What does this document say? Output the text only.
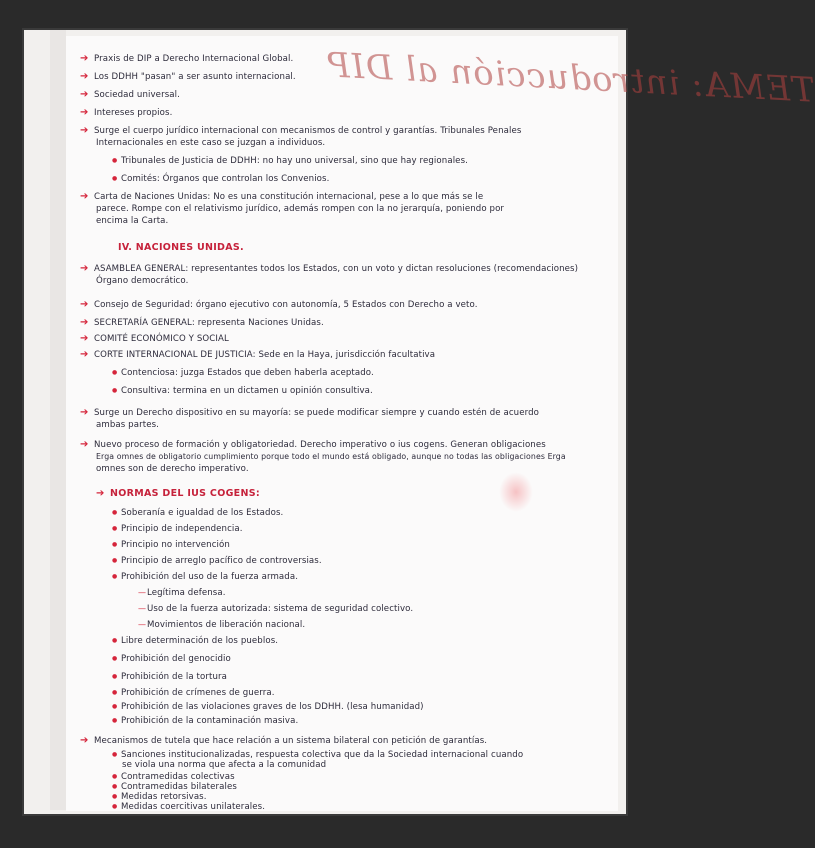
TEMA: introducción al DIP
➔ Praxis de DIP a Derecho Internacional Global.
➔ Los DDHH "pasan" a ser asunto internacional.
➔ Sociedad universal.
➔ Intereses propios.
➔ Surge el cuerpo jurídico internacional con mecanismos de control y garantías. Tribunales Penales
Internacionales en este caso se juzgan a individuos.
● Tribunales de Justicia de DDHH: no hay uno universal, sino que hay regionales.
● Comités: Órganos que controlan los Convenios.
➔ Carta de Naciones Unidas: No es una constitución internacional, pese a lo que más se le
parece. Rompe con el relativismo jurídico, además rompen con la no jerarquía, poniendo por
encima la Carta.
IV. NACIONES UNIDAS.
➔ ASAMBLEA GENERAL: representantes todos los Estados, con un voto y dictan resoluciones (recomendaciones)
Órgano democrático.
➔ Consejo de Seguridad: órgano ejecutivo con autonomía, 5 Estados con Derecho a veto.
➔ SECRETARÍA GENERAL: representa Naciones Unidas.
➔ COMITÉ ECONÓMICO Y SOCIAL
➔ CORTE INTERNACIONAL DE JUSTICIA: Sede en la Haya, jurisdicción facultativa
● Contenciosa: juzga Estados que deben haberla aceptado.
● Consultiva: termina en un dictamen u opinión consultiva.
➔ Surge un Derecho dispositivo en su mayoría: se puede modificar siempre y cuando estén de acuerdo
ambas partes.
➔ Nuevo proceso de formación y obligatoriedad. Derecho imperativo o ius cogens. Generan obligaciones
Erga omnes de obligatorio cumplimiento porque todo el mundo está obligado, aunque no todas las obligaciones Erga
omnes son de derecho imperativo.
➔ NORMAS DEL IUS COGENS:
● Soberanía e igualdad de los Estados.
● Principio de independencia.
● Principio no intervención
● Principio de arreglo pacífico de controversias.
● Prohibición del uso de la fuerza armada.
— Legítima defensa.
— Uso de la fuerza autorizada: sistema de seguridad colectivo.
— Movimientos de liberación nacional.
● Libre determinación de los pueblos.
● Prohibición del genocidio
● Prohibición de la tortura
● Prohibición de crímenes de guerra.
● Prohibición de las violaciones graves de los DDHH. (lesa humanidad)
● Prohibición de la contaminación masiva.
➔ Mecanismos de tutela que hace relación a un sistema bilateral con petición de garantías.
● Sanciones institucionalizadas, respuesta colectiva que da la Sociedad internacional cuando
se viola una norma que afecta a la comunidad
● Contramedidas colectivas
● Contramedidas bilaterales
● Medidas retorsivas.
● Medidas coercitivas unilaterales.
